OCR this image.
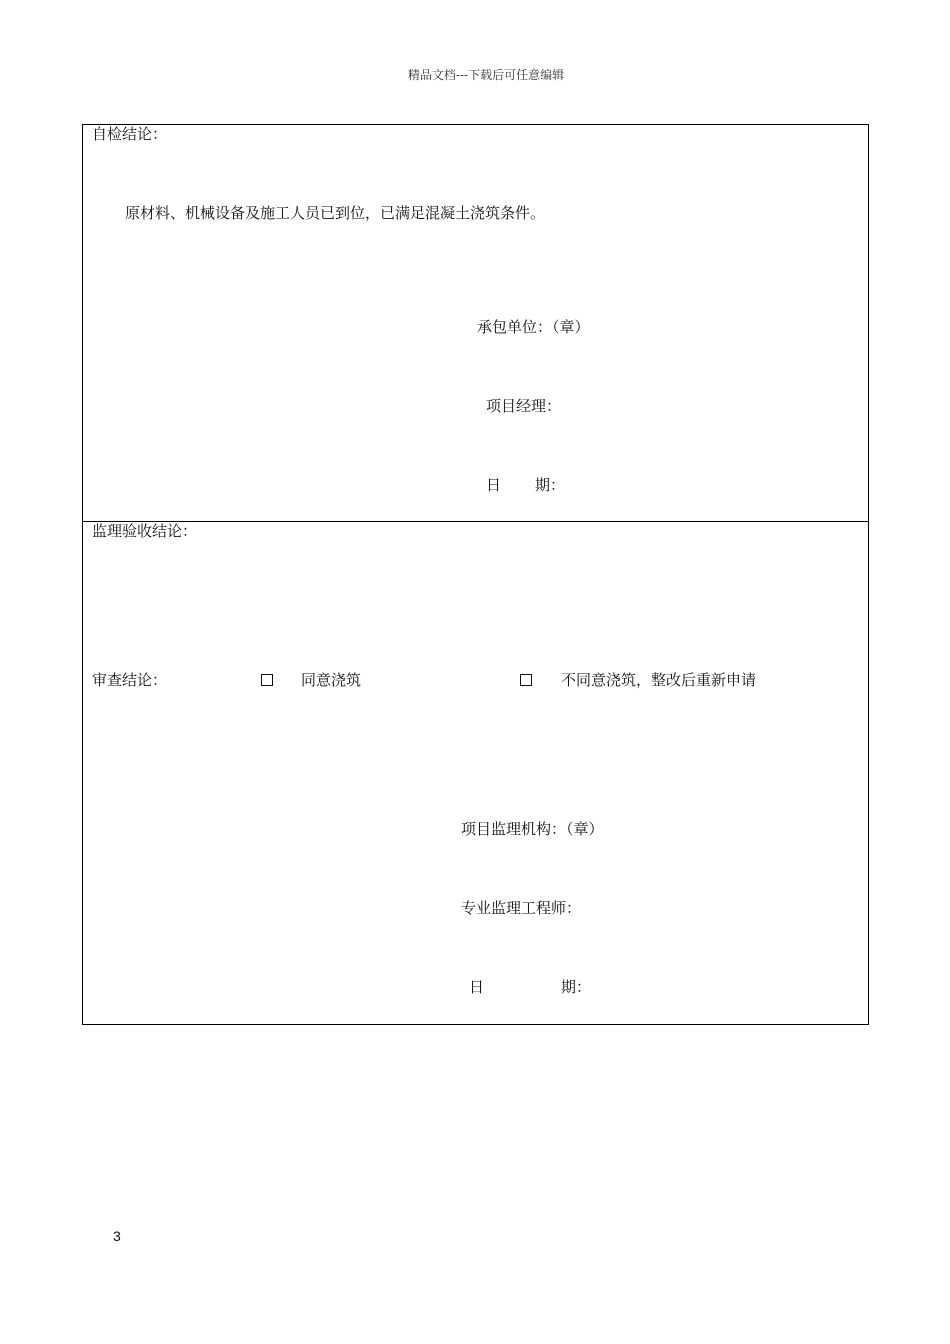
精品文档---下载后可任意编辑
自检结论：
原材料、机械设备及施工人员已到位，已满足混凝土浇筑条件。
承包单位：（章）
项目经理：
日 期：
监理验收结论：
审查结论：	同意浇筑	不同意浇筑，整改后重新申请
项目监理机构：（章）
专业监理工程师：
日	期：
3
